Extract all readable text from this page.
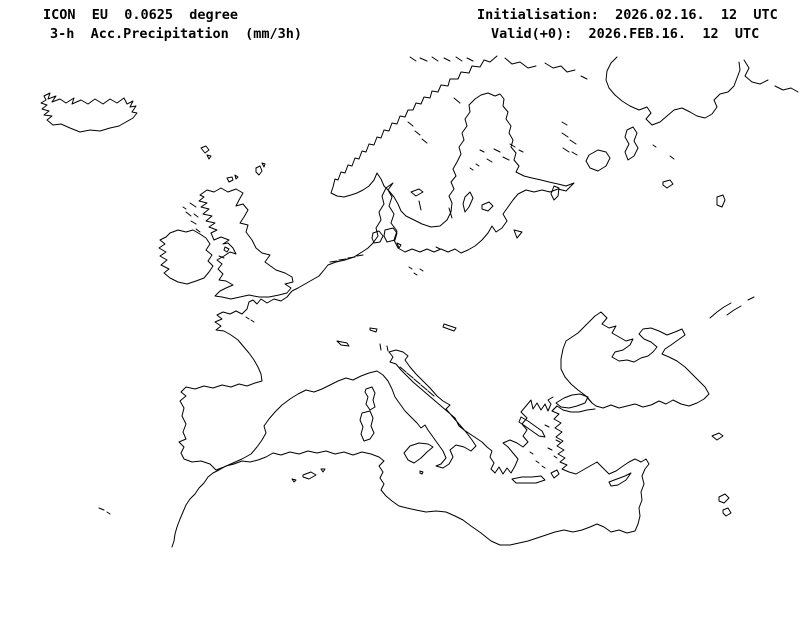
ICON  EU  0.0625  degree
3-h  Acc.Precipitation  (mm/3h)
Initialisation:  2026.02.16.  12  UTC
Valid(+0):  2026.FEB.16.  12  UTC
